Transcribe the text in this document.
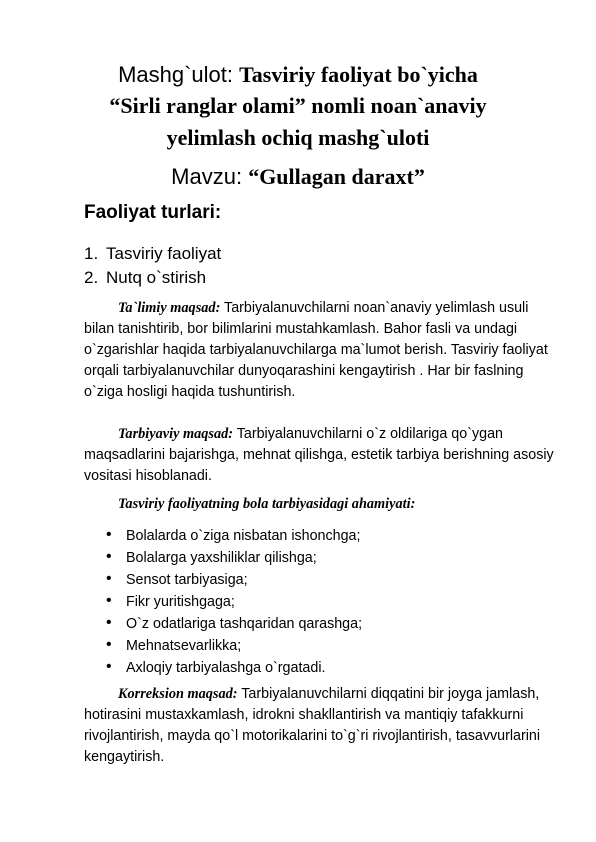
Mashg`ulot: Tasviriy faoliyat bo`yicha
“Sirli ranglar olami” nomli noan`anaviy
yelimlash ochiq mashg`uloti
Mavzu: “Gullagan daraxt”
Faoliyat turlari:
1. Tasviriy faoliyat
2. Nutq o`stirish
Ta`limiy maqsad: Tarbiyalanuvchilarni noan`anaviy yelimlash usuli bilan tanishtirib, bor bilimlarini mustahkamlash. Bahor fasli va undagi o`zgarishlar haqida tarbiyalanuvchilarga ma`lumot berish. Tasviriy faoliyat orqali tarbiyalanuvchilar dunyoqarashini kengaytirish . Har bir faslning o`ziga hosligi haqida tushuntirish.
Tarbiyaviy maqsad: Tarbiyalanuvchilarni o`z oldilariga qo`ygan maqsadlarini bajarishga, mehnat qilishga, estetik tarbiya berishning asosiy vositasi hisoblanadi.
Tasviriy faoliyatning bola tarbiyasidagi ahamiyati:
• Bolalarda o`ziga nisbatan ishonchga;
• Bolalarga yaxshiliklar qilishga;
• Sensot tarbiyasiga;
• Fikr yuritishgaga;
• O`z odatlariga tashqaridan qarashga;
• Mehnatsevarlikka;
• Axloqiy tarbiyalashga o`rgatadi.
Korreksion maqsad: Tarbiyalanuvchilarni diqqatini bir joyga jamlash, hotirasini mustaxkamlash, idrokni shakllantirish va mantiqiy tafakkurni rivojlantirish, mayda qo`l motorikalarini to`g`ri rivojlantirish, tasavvurlarini kengaytirish.
